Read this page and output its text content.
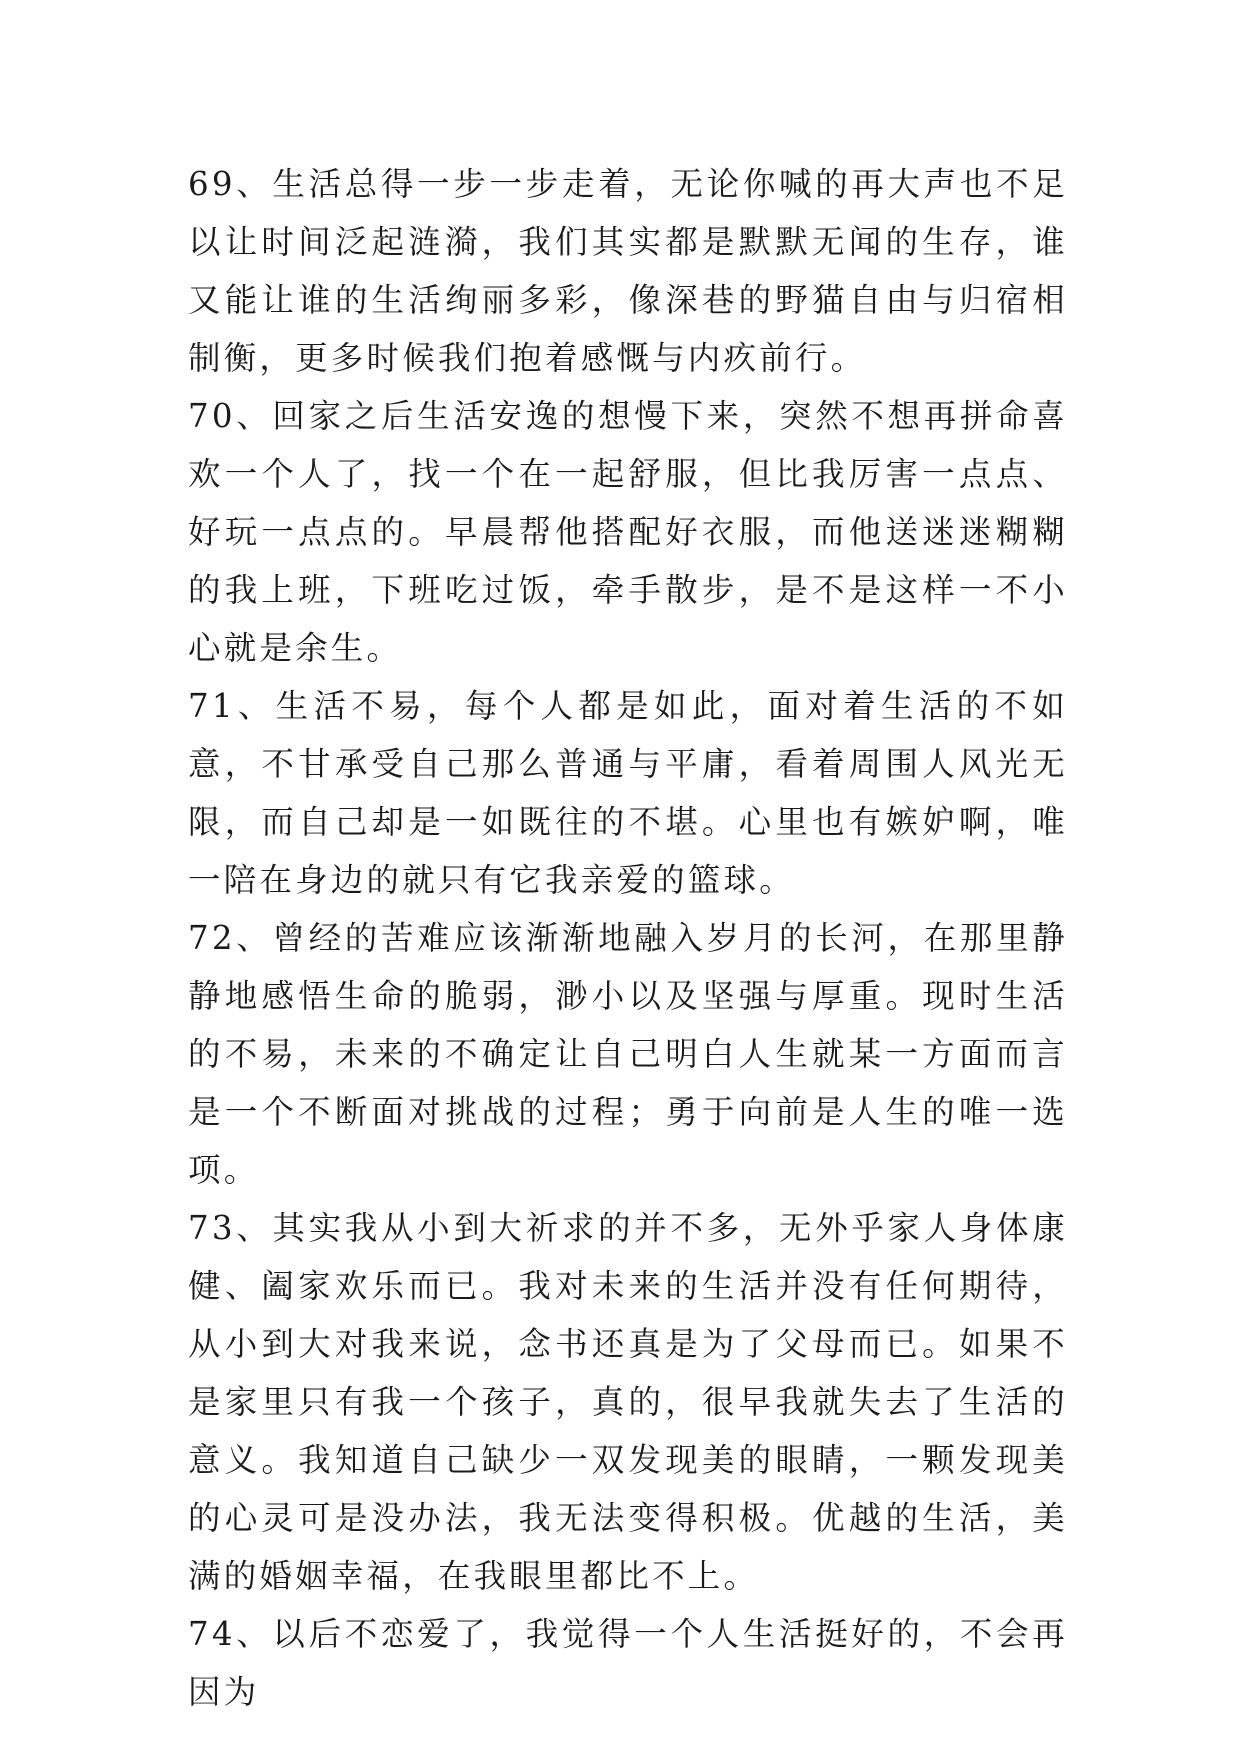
69、生活总得一步一步走着，无论你喊的再大声也不足以让时间泛起涟漪，我们其实都是默默无闻的生存，谁又能让谁的生活绚丽多彩，像深巷的野猫自由与归宿相制衡，更多时候我们抱着感慨与内疚前行。

70、回家之后生活安逸的想慢下来，突然不想再拼命喜欢一个人了，找一个在一起舒服，但比我厉害一点点、好玩一点点的。早晨帮他搭配好衣服，而他送迷迷糊糊的我上班，下班吃过饭，牵手散步，是不是这样一不小心就是余生。

71、生活不易，每个人都是如此，面对着生活的不如意，不甘承受自己那么普通与平庸，看着周围人风光无限，而自己却是一如既往的不堪。心里也有嫉妒啊，唯一陪在身边的就只有它我亲爱的篮球。

72、曾经的苦难应该渐渐地融入岁月的长河，在那里静静地感悟生命的脆弱，渺小以及坚强与厚重。现时生活的不易，未来的不确定让自己明白人生就某一方面而言是一个不断面对挑战的过程；勇于向前是人生的唯一选项。

73、其实我从小到大祈求的并不多，无外乎家人身体康健、阖家欢乐而已。我对未来的生活并没有任何期待，从小到大对我来说，念书还真是为了父母而已。如果不是家里只有我一个孩子，真的，很早我就失去了生活的意义。我知道自己缺少一双发现美的眼睛，一颗发现美的心灵可是没办法，我无法变得积极。优越的生活，美满的婚姻幸福，在我眼里都比不上。

74、以后不恋爱了，我觉得一个人生活挺好的，不会再因为
